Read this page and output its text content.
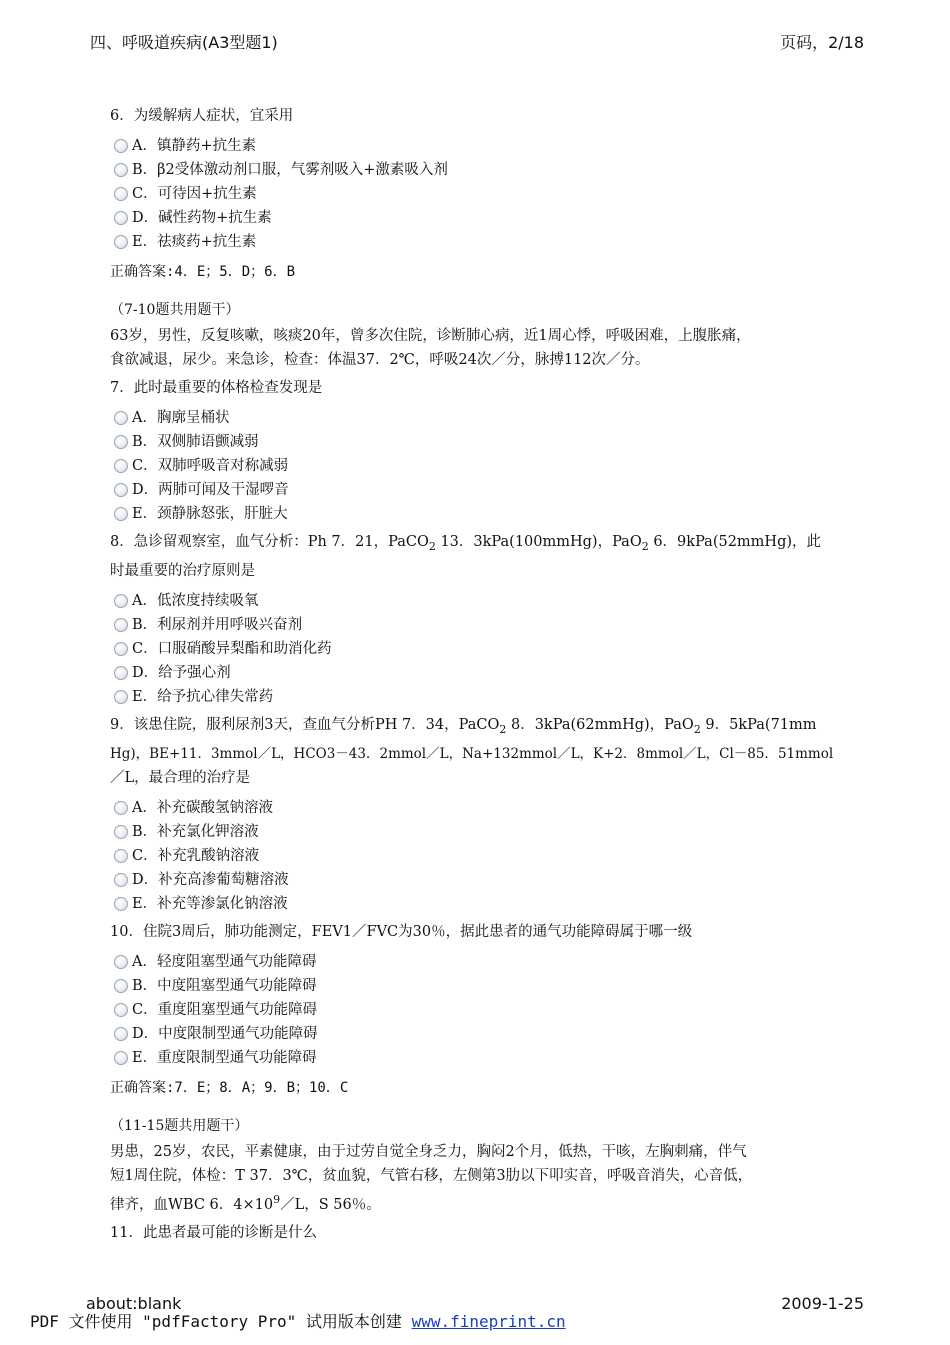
四、呼吸道疾病(A3型题1)	页码，2/18
6．为缓解病人症状，宜采用
A．镇静药+抗生素
B．β2受体激动剂口服，气雾剂吸入+激素吸入剂
C．可待因+抗生素
D．碱性药物+抗生素
E．祛痰药+抗生素
正确答案:4．E；5．D；6．B
（7-10题共用题干）
63岁，男性，反复咳嗽，咳痰20年，曾多次住院，诊断肺心病，近1周心悸，呼吸困难，上腹胀痛，
食欲减退，尿少。来急诊，检查：体温37．2℃，呼吸24次／分，脉搏112次／分。
7．此时最重要的体格检查发现是
A．胸廓呈桶状
B．双侧肺语颤减弱
C．双肺呼吸音对称减弱
D．两肺可闻及干湿啰音
E．颈静脉怒张，肝脏大
8．急诊留观察室，血气分析：Ph 7．21，PaCO$_2$ 13．3kPa(100mmHg)，PaO$_2$ 6．9kPa(52mmHg)，此
时最重要的治疗原则是
A．低浓度持续吸氧
B．利尿剂并用呼吸兴奋剂
C．口服硝酸异梨酯和助消化药
D．给予强心剂
E．给予抗心律失常药
9．该患住院，服利尿剂3天，查血气分析PH 7．34，PaCO$_2$ 8．3kPa(62mmHg)，PaO$_2$ 9．5kPa(71mm
Hg)，BE+11．3mmol／L，HCO3－43．2mmol／L，Na+132mmol／L，K+2．8mmol／L，Cl－85．51mmol
／L，最合理的治疗是
A．补充碳酸氢钠溶液
B．补充氯化钾溶液
C．补充乳酸钠溶液
D．补充高渗葡萄糖溶液
E．补充等渗氯化钠溶液
10．住院3周后，肺功能测定，FEV1／FVC为30％，据此患者的通气功能障碍属于哪一级
A．轻度阻塞型通气功能障碍
B．中度阻塞型通气功能障碍
C．重度阻塞型通气功能障碍
D．中度限制型通气功能障碍
E．重度限制型通气功能障碍
正确答案:7．E；8．A；9．B；10．C
（11-15题共用题干）
男患，25岁，农民，平素健康，由于过劳自觉全身乏力，胸闷2个月，低热，干咳，左胸刺痛，伴气
短1周住院，体检：T 37．3℃，贫血貌，气管右移，左侧第3肋以下叩实音，呼吸音消失，心音低，
律齐，血WBC 6．$4\times 10^9/L$，S 56％。
11．此患者最可能的诊断是什么
about:blank	2009-1-25
PDF 文件使用 "pdfFactory Pro" 试用版本创建 www.fineprint.cn
